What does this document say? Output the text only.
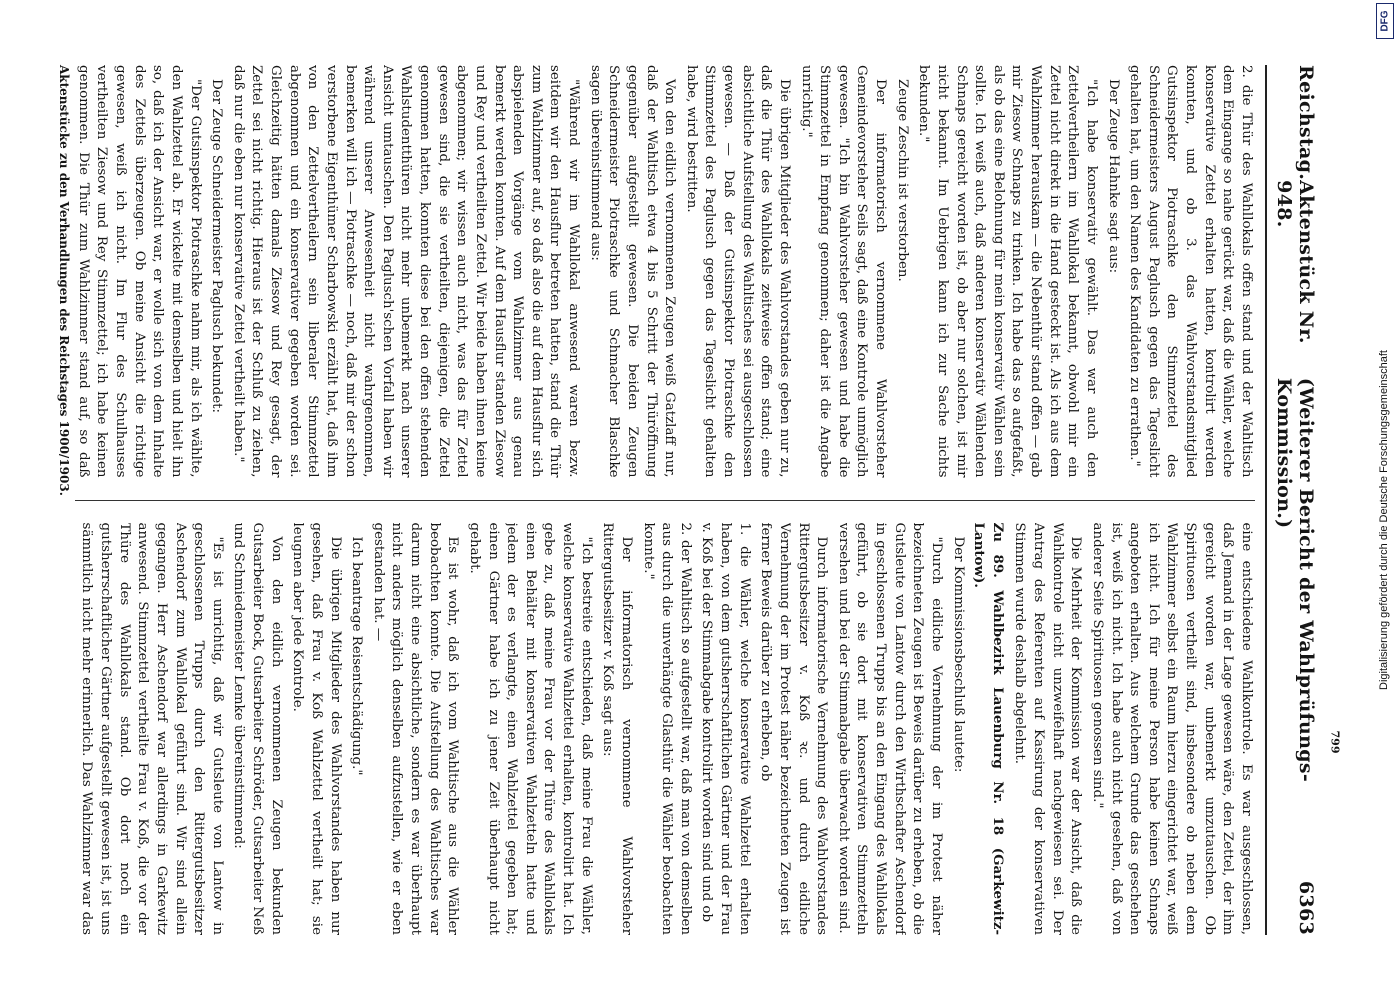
Reichstag.
Aktenstück Nr. 948.
(Weiterer Bericht der Wahlprüfungs-Kommission.)
6363

2. die Thür des Wahllokals offen stand und der Wahltisch dem Eingange so nahe gerückt war, daß die Wähler, welche konservative Zettel erhalten hatten, kontrolirt werden konnten, und ob 3. das Wahlvorstandsmitglied Gutsinspektor Piotraschke den Stimmzettel des Schneidermeisters August Paglusch gegen das Tageslicht gehalten hat, um den Namen des Kandidaten zu errathen."

Der Zeuge Hahnke sagt aus:

"Ich habe konservativ gewählt. Das war auch den Zettelvertheilern im Wahllokal bekannt, obwohl mir ein Zettel nicht direkt in die Hand gesteckt ist. Als ich aus dem Wahlzimmer herauskam — die Nebenthür stand offen — gab mir Ziesow Schnaps zu trinken. Ich habe das so aufgefaßt, als ob das eine Belohnung für mein konservativ Wählen sein sollte. Ich weiß auch, daß anderen konservativ Wählenden Schnaps gereicht worden ist, ob aber nur solchen, ist mir nicht bekannt. Im Uebrigen kann ich zur Sache nichts bekunden."

Zeuge Zeschin ist verstorben.

Der informatorisch vernommene Wahlvorsteher Gemeindevorsteher Seils sagt, daß eine Kontrole unmöglich gewesen. "Ich bin Wahlvorsteher gewesen und habe die Stimmzettel in Empfang genommen; daher ist die Angabe unrichtig."

Die übrigen Mitglieder des Wahlvorstandes geben nur zu, daß die Thür des Wahllokals zeitweise offen stand; eine absichtliche Aufstellung des Wahltisches sei ausgeschlossen gewesen. — Daß der Gutsinspektor Piotraschke den Stimmzettel des Paglusch gegen das Tageslicht gehalten habe, wird bestritten.

Von den eidlich vernommenen Zeugen weiß Gatzlaff nur, daß der Wahltisch etwa 4 bis 5 Schritt der Thüröffnung gegenüber aufgestellt gewesen. Die beiden Zeugen Schneidermeister Piotraschke und Schmacher Blaschke sagen übereinstimmend aus:

"Während wir im Wahllokal anwesend waren bezw. seitdem wir den Hausflur betreten hatten, stand die Thür zum Wahlzimmer auf, so daß also die auf dem Hausflur sich abspielenden Vorgänge vom Wahlzimmer aus genau bemerkt werden konnten. Auf dem Hausflur standen Ziesow und Rey und vertheilten Zettel. Wir beide haben ihnen keine abgenommen; wir wissen auch nicht, was das für Zettel gewesen sind, die sie vertheilten, diejenigen, die Zettel genommen hatten, konnten diese bei den offen stehenden Wahlstudentthüren nicht mehr unbemerkt nach unserer Ansicht umtauschen. Den Paglusch'schen Vorfall haben wir während unserer Anwesenheit nicht wahrgenommen, bemerken will ich — Piotraschke — noch, daß mir der schon verstorbene Eigenthümer Scharbowski erzählt hat, daß ihm von den Zettelvertheilern sein liberaler Stimmzettel abgenommen und ein konservativer gegeben worden sei. Gleichzeitig hätten damals Ziesow und Rey gesagt, der Zettel sei nicht richtig. Hieraus ist der Schluß zu ziehen, daß nur die eben nur konservative Zettel vertheilt haben."

Der Zeuge Schneidermeister Paglusch bekundet:

"Der Gutsinspektor Piotraschke nahm mir, als ich wählte, den Wahlzettel ab. Er wickelte mit demselben und hielt ihn so, daß ich der Ansicht war, er wolle sich von dem Inhalte des Zettels überzeugen. Ob meine Ansicht die richtige gewesen, weiß ich nicht. Im Flur des Schulhauses vertheilten Ziesow und Rey Stimmzettel; ich habe keinen genommen. Die Thür zum Wahlzimmer stand auf, so daß

eine entschiedene Wahlkontrole. Es war ausgeschlossen, daß Jemand in der Lage gewesen wäre, den Zettel, der ihm gereicht worden war, unbemerkt umzutauschen. Ob Spirituosen vertheilt sind, insbesondere ob neben dem Wahlzimmer selbst ein Raum hierzu eingerichtet war, weiß ich nicht. Ich für meine Person habe keinen Schnaps angeboten erhalten. Aus welchem Grunde das geschehen ist, weiß ich nicht. Ich habe auch nicht gesehen, daß von anderer Seite Spirituosen genossen sind."

Die Mehrheit der Kommission war der Ansicht, daß die Wahlkontrole nicht unzweifelhaft nachgewiesen sei. Der Antrag des Referenten auf Kassirung der konservativen Stimmen wurde deshalb abgelehnt.

Zu 89. Wahlbezirk Lauenburg Nr. 18 (Garkewitz-Lantow).

Der Kommissionsbeschluß lautete:

"Durch eidliche Vernehmung der im Protest näher bezeichneten Zeugen ist Beweis darüber zu erheben, ob die Gutsleute von Lantow durch den Wirthschafter Aschendorf in geschlossenen Trupps bis an den Eingang des Wahllokals geführt, ob sie dort mit konservativen Stimmzetteln versehen und bei der Stimmabgabe überwacht worden sind.

Durch informatorische Vernehmung des Wahlvorstandes Rittergutsbesitzer v. Koß ꝛc. und durch eidliche Vernehmung der im Protest näher bezeichneten Zeugen ist ferner Beweis darüber zu erheben, ob

1. die Wähler, welche konservative Wahlzettel erhalten haben, von dem gutsherrschaftlichen Gärtner und der Frau v. Koß bei der Stimmabgabe kontrolirt worden sind und ob

2. der Wahltisch so aufgestellt war, daß man von demselben aus durch die unverhängte Glasthür die Wähler beobachten konnte."

Der informatorisch vernommene Wahlvorsteher Rittergutsbesitzer v. Koß sagt aus:

"Ich bestreite entschieden, daß meine Frau die Wähler, welche konservative Wahlzettel erhalten, kontrolirt hat. Ich gebe zu, daß meine Frau vor der Thüre des Wahllokals einen Behälter mit konservativen Wahlzetteln hatte und jedem der es verlangte, einen Wahlzettel gegeben hat; einen Gärtner habe ich zu jener Zeit überhaupt nicht gehabt.

Es ist wohr, daß ich vom Wahltische aus die Wähler beobachten konnte. Die Aufstellung des Wahltisches war darum nicht eine absichtliche, sondern es war überhaupt nicht anders möglich denselben aufzustellen, wie er eben gestanden hat. —

Ich beantrage Reisentschädigung."

Die übrigen Mitglieder des Wahlvorstandes haben nur gesehen, daß Frau v. Koß Wahlzettel vertheilt hat; sie leugnen aber jede Kontrole.

Von den eidlich vernommenen Zeugen bekunden Gutsarbeiter Bock, Gutsarbeiter Schröder, Gutsarbeiter Neß und Schmiedemeister Lemke übereinstimmend:

"Es ist unrichtig, daß wir Gutsleute von Lantow in geschlossenen Trupps durch den Rittergutsbesitzer Aschendorf zum Wahllokal geführt sind. Wir sind allein gegangen. Herr Aschendorf war allerdings in Garkewitz anwesend. Stimmzettel vertheilte Frau v. Koß, die vor der Thüre des Wahllokals stand. Ob dort noch ein gutsherrschaftlicher Gärtner aufgestellt gewesen ist, ist uns sämmtlich nicht mehr erinnerlich. Das Wahlzimmer war das

Aktenstücke zu den Verhandlungen des Reichstages 1900/1903.
799
DFG
Digitalisierung gefördert durch die Deutsche Forschungsgemeinschaft
